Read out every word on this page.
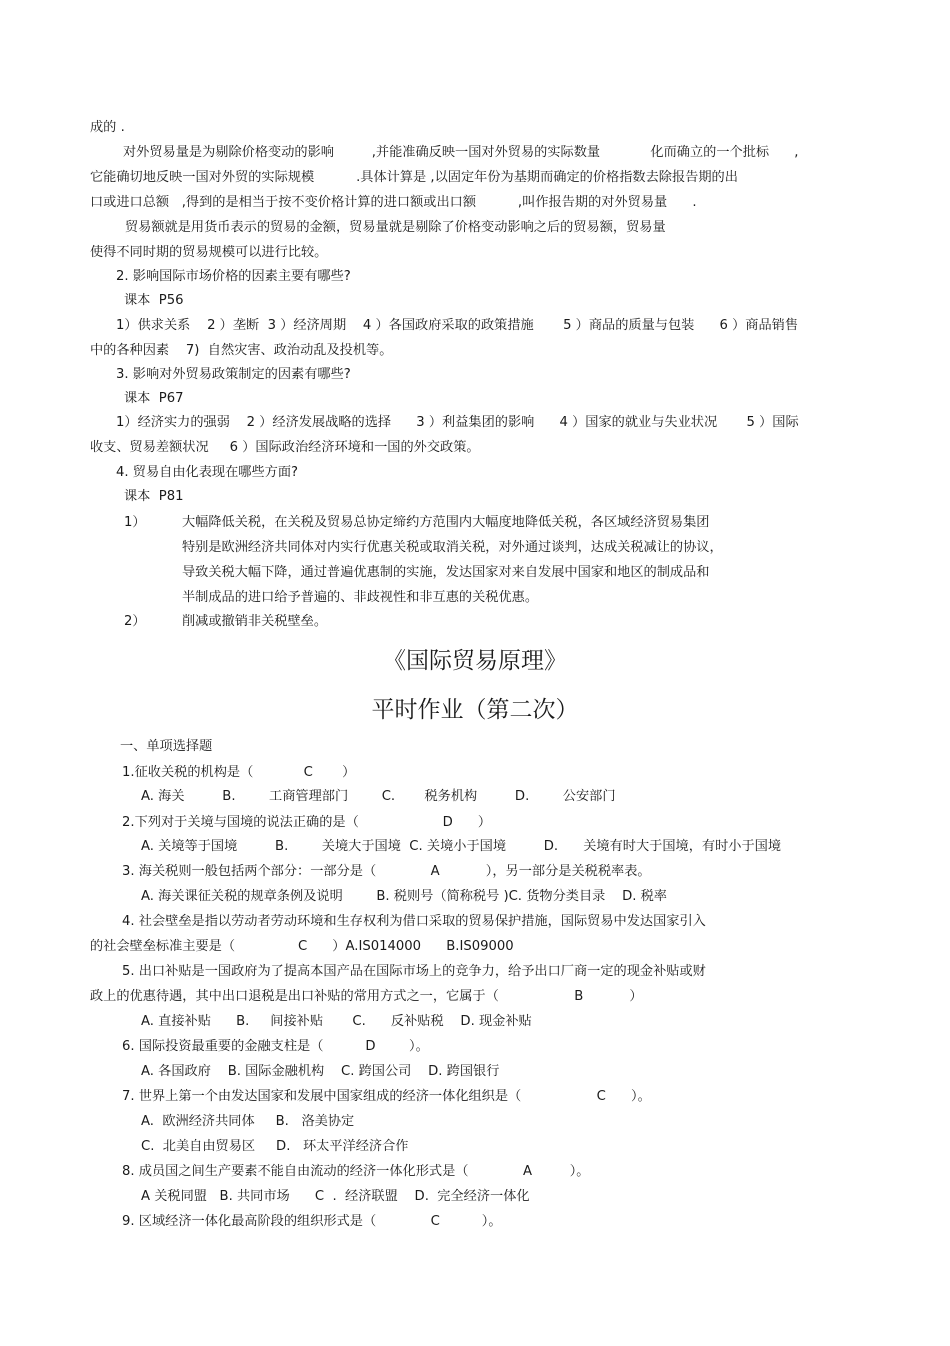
成的 .
对外贸易量是为剔除价格变动的影响         ,并能准确反映一国对外贸易的实际数量            化而确立的一个批标      ,
它能确切地反映一国对外贸的实际规模          .具体计算是 ,以固定年份为基期而确定的价格指数去除报告期的出
口或进口总额   ,得到的是相当于按不变价格计算的进口额或出口额          ,叫作报告期的对外贸易量      .
贸易额就是用货币表示的贸易的金额，贸易量就是剔除了价格变动影响之后的贸易额，贸易量
使得不同时期的贸易规模可以进行比较。
2. 影响国际市场价格的因素主要有哪些?
课本  P56
1）供求关系    2 ）垄断  3 ）经济周期    4 ）各国政府采取的政策措施       5 ）商品的质量与包装      6 ）商品销售
中的各种因素    7)  自然灾害、政治动乱及投机等。
3. 影响对外贸易政策制定的因素有哪些?
课本  P67
1）经济实力的强弱    2 ）经济发展战略的选择      3 ）利益集团的影响      4 ）国家的就业与失业状况       5 ）国际
收支、贸易差额状况     6 ）国际政治经济环境和一国的外交政策。
4. 贸易自由化表现在哪些方面?
课本  P81
1）	大幅降低关税，在关税及贸易总协定缔约方范围内大幅度地降低关税，各区域经济贸易集团
特别是欧洲经济共同体对内实行优惠关税或取消关税，对外通过谈判，达成关税减让的协议，
导致关税大幅下降，通过普遍优惠制的实施，发达国家对来自发展中国家和地区的制成品和
半制成品的进口给予普遍的、非歧视性和非互惠的关税优惠。
2）	削减或撤销非关税壁垒。
《国际贸易原理》
平时作业（第二次）
一、单项选择题
1.征收关税的机构是（            C       ）
A. 海关         B.        工商管理部门        C.       税务机构         D.        公安部门
2.下列对于关境与国境的说法正确的是（                    D      ）
A. 关境等于国境         B.        关境大于国境  C. 关境小于国境         D.      关境有时大于国境，有时小于国境
3. 海关税则一般包括两个部分：一部分是（             A           ），另一部分是关税税率表。
A. 海关课征关税的规章条例及说明        B. 税则号（简称税号 )C. 货物分类目录    D. 税率
4. 社会壁垒是指以劳动者劳动环境和生存权利为借口采取的贸易保护措施，国际贸易中发达国家引入
的社会壁垒标准主要是（               C      ）A.IS014000      B.IS09000
5. 出口补贴是一国政府为了提高本国产品在国际市场上的竞争力，给予出口厂商一定的现金补贴或财
政上的优惠待遇，其中出口退税是出口补贴的常用方式之一，它属于（                  B           ）
A. 直接补贴      B.     间接补贴       C.      反补贴税    D. 现金补贴
6. 国际投资最重要的金融支柱是（          D        ）。
A. 各国政府    B. 国际金融机构    C. 跨国公司    D. 跨国银行
7. 世界上第一个由发达国家和发展中国家组成的经济一体化组织是（                  C      ）。
A.  欧洲经济共同体     B.   洛美协定
C.  北美自由贸易区     D.   环太平洋经济合作
8. 成员国之间生产要素不能自由流动的经济一体化形式是（             A         ）。
A 关税同盟   B. 共同市场      C  .  经济联盟    D.  完全经济一体化
9. 区域经济一体化最高阶段的组织形式是（             C          ）。
